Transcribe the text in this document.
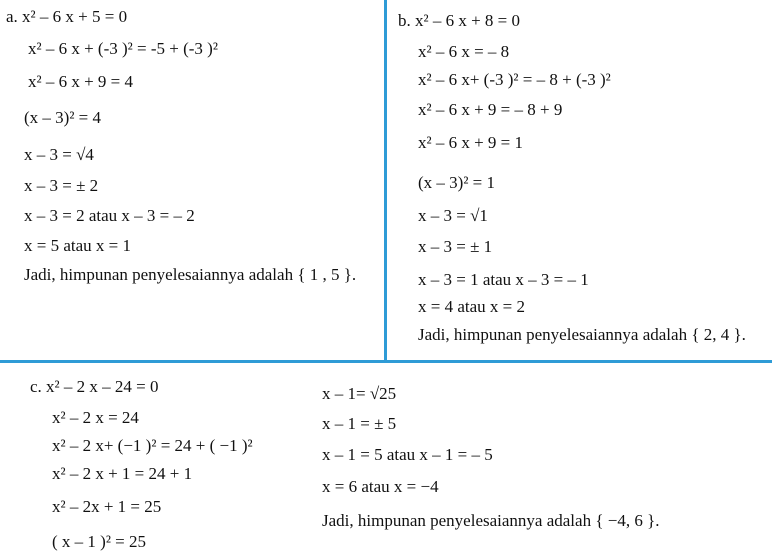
a. x² – 6 x + 5 = 0
x² – 6 x + (-3 )² = -5 + (-3 )²
x² – 6 x + 9 = 4
(x – 3)² = 4
x – 3 = √4
x – 3 = ± 2
x – 3 = 2 atau x – 3 = – 2
x = 5 atau x = 1
Jadi, himpunan penyelesaiannya adalah { 1 , 5 }.
b. x² – 6 x + 8 = 0
x² – 6 x = – 8
x² – 6 x+ (-3 )² = – 8 + (-3 )²
x² – 6 x + 9 = – 8 + 9
x² – 6 x + 9 = 1
(x – 3)² = 1
x – 3 = √1
x – 3 = ± 1
x – 3 = 1 atau x – 3 = – 1
x = 4 atau x = 2
Jadi, himpunan penyelesaiannya adalah { 2, 4 }.
c. x² – 2 x – 24 = 0
x² – 2 x = 24
x² – 2 x+ (−1 )² = 24 + ( −1 )²
x² – 2 x + 1 = 24 + 1
x² – 2x + 1 = 25
( x – 1 )² = 25
x – 1= √25
x – 1 = ± 5
x – 1 = 5 atau x – 1 = – 5
x = 6 atau x = −4
Jadi, himpunan penyelesaiannya adalah { −4, 6 }.
